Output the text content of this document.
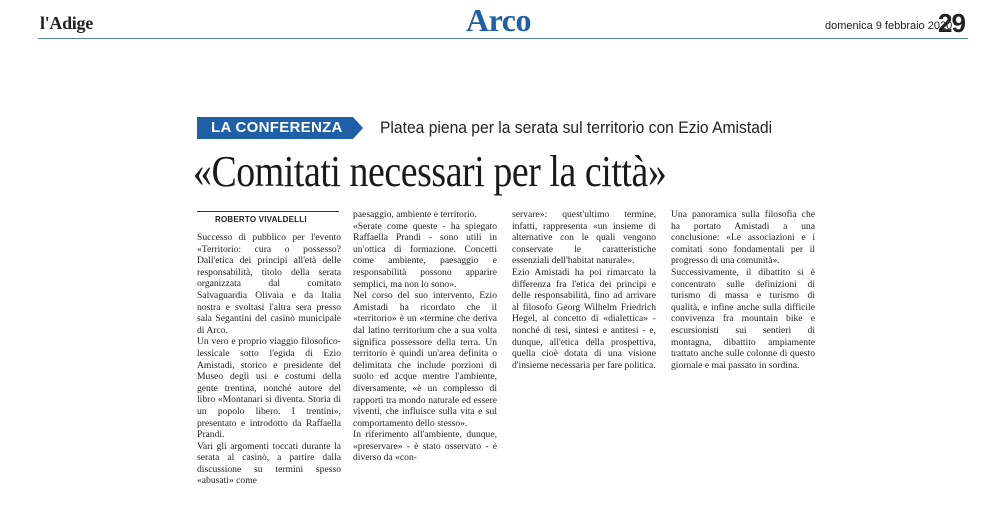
l'Adige	Arco	domenica 9 febbraio 2020
29
LA CONFERENZA Platea piena per la serata sul territorio con Ezio Amistadi
«Comitati necessari per la città»
ROBERTO VIVALDELLI

Successo di pubblico per l'evento «Territorio: cura o possesso? Dall'etica dei principi all'età delle responsabilità, titolo della serata organizzata dal comitato Salvaguardia Olivaia e da Italia nostra e svoltasi l'altra sera presso sala Segantini del casinò municipale di Arco.

Un vero e proprio viaggio filosofico-lessicale sotto l'egida di Ezio Amistadi, storico e presidente del Museo degli usi e costumi della gente trentina, nonché autore del libro «Montanari si diventa. Storia di un popolo libero. I trentini», presentato e introdotto da Raffaella Prandi.

Vari gli argomenti toccati durante la serata al casinò, a partire dalla discussione su termini spesso «abusati» come

paesaggio, ambiente e territorio.

«Serate come queste - ha spiegato Raffaella Prandi - sono utili in un'ottica di formazione. Concetti come ambiente, paesaggio e responsabilità possono apparire semplici, ma non lo sono».

Nel corso del suo intervento, Ezio Amistadi ha ricordato che il «territorio» è un «termine che deriva dal latino territorium che a sua volta significa possessore della terra. Un territorio è quindi un'area definita o delimitata che include porzioni di suolo ed acque mentre l'ambiente, diversamente, «è un complesso di rapporti tra mondo naturale ed essere viventi, che influisce sulla vita e sul comportamento dello stesso».

In riferimento all'ambiente, dunque, «preservare» - è stato osservato - è diverso da «con-

servare»: quest'ultimo termine, infatti, rappresenta «un insieme di alternative con le quali vengono conservate le caratteristiche essenziali dell'habitat naturale».

Ezio Amistadi ha poi rimarcato la differenza fra l'etica dei principi e delle responsabilità, fino ad arrivare al filosofo Georg Wilhelm Friedrich Hegel, al concetto di «dialettica» - nonché di tesi, sintesi e antitesi - e, dunque, all'etica della prospettiva, quella cioè dotata di una visione d'insieme necessaria per fare politica.

Una panoramica sulla filosofia che ha portato Amistadi a una conclusione: «Le associazioni e i comitati sono fondamentali per il progresso di una comunità».

Successivamente, il dibattito si è concentrato sulle definizioni di turismo di massa e turismo di qualità, e infine anche sulla difficile convivenza fra mountain bike e escursionisti sui sentieri di montagna, dibattito ampiamente trattato anche sulle colonne di questo giornale e mai passato in sordina.
